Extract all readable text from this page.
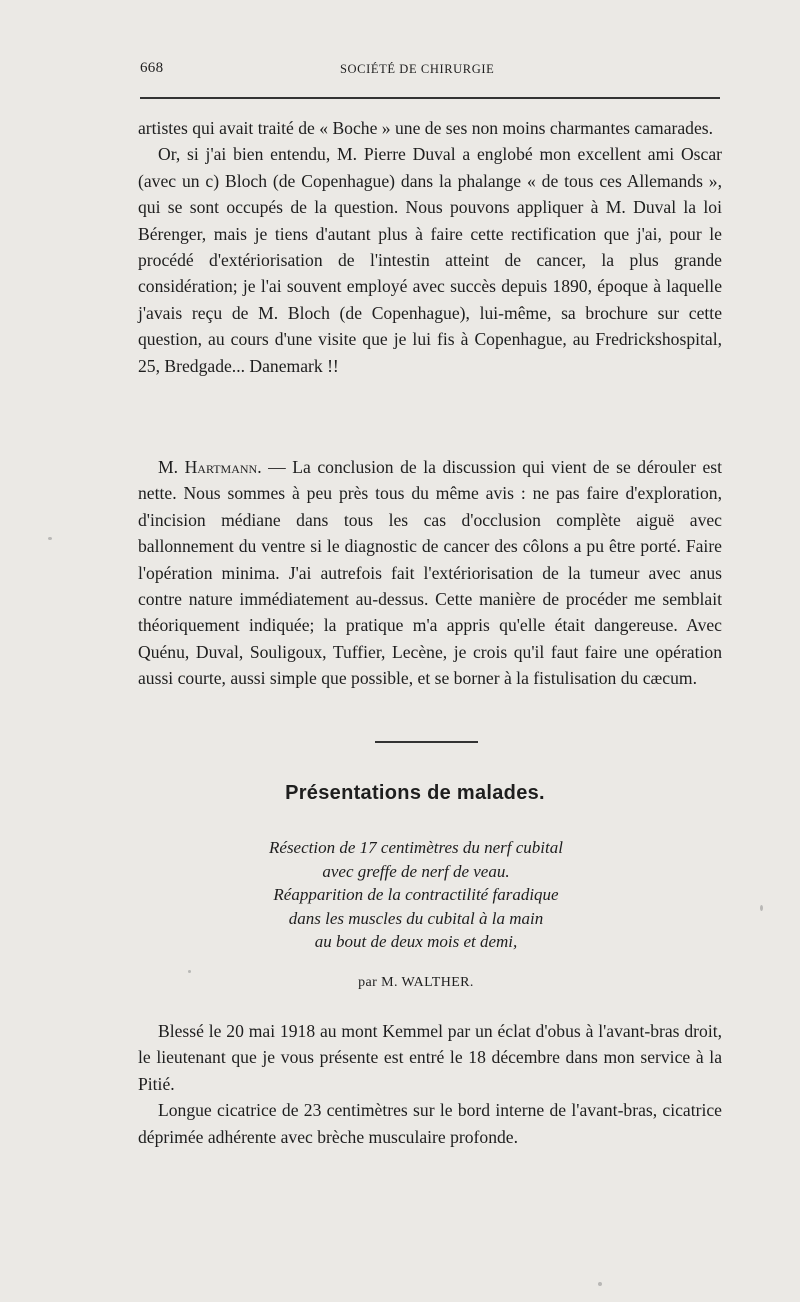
668	SOCIÉTÉ DE CHIRURGIE

artistes qui avait traité de « Boche » une de ses non moins charmantes camarades.

Or, si j'ai bien entendu, M. Pierre Duval a englobé mon excellent ami Oscar (avec un c) Bloch (de Copenhague) dans la phalange « de tous ces Allemands », qui se sont occupés de la question. Nous pouvons appliquer à M. Duval la loi Bérenger, mais je tiens d'autant plus à faire cette rectification que j'ai, pour le procédé d'extériorisation de l'intestin atteint de cancer, la plus grande considération; je l'ai souvent employé avec succès depuis 1890, époque à laquelle j'avais reçu de M. Bloch (de Copenhague), lui-même, sa brochure sur cette question, au cours d'une visite que je lui fis à Copenhague, au Fredrickshospital, 25, Bredgade... Danemark !!

M. Hartmann. — La conclusion de la discussion qui vient de se dérouler est nette. Nous sommes à peu près tous du même avis : ne pas faire d'exploration, d'incision médiane dans tous les cas d'occlusion complète aiguë avec ballonnement du ventre si le diagnostic de cancer des côlons a pu être porté. Faire l'opération minima. J'ai autrefois fait l'extériorisation de la tumeur avec anus contre nature immédiatement au-dessus. Cette manière de procéder me semblait théoriquement indiquée; la pratique m'a appris qu'elle était dangereuse. Avec Quénu, Duval, Souligoux, Tuffier, Lecène, je crois qu'il faut faire une opération aussi courte, aussi simple que possible, et se borner à la fistulisation du cæcum.

Présentations de malades.
Résection de 17 centimètres du nerf cubital
avec greffe de nerf de veau.
Réapparition de la contractilité faradique
dans les muscles du cubital à la main
au bout de deux mois et demi,
par M. WALTHER.

Blessé le 20 mai 1918 au mont Kemmel par un éclat d'obus à l'avant-bras droit, le lieutenant que je vous présente est entré le 18 décembre dans mon service à la Pitié.

Longue cicatrice de 23 centimètres sur le bord interne de l'avant-bras, cicatrice déprimée adhérente avec brèche musculaire profonde.
